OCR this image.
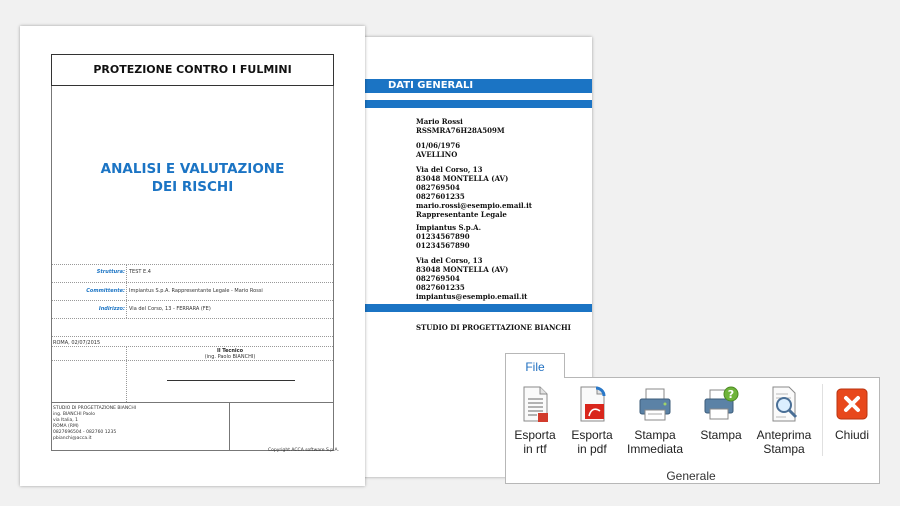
DATI GENERALI
Mario Rossi
RSSMRA76H28A509M
01/06/1976
AVELLINO
Via del Corso, 13
83048 MONTELLA (AV)
082769504
0827601235
mario.rossi@esempio.email.it
Rappresentante Legale
Impiantus S.p.A.
01234567890
01234567890
Via del Corso, 13
83048 MONTELLA (AV)
082769504
0827601235
impiantus@esempio.email.it
STUDIO DI PROGETTAZIONE BIANCHI
PROTEZIONE CONTRO I FULMINI
ANALISI E VALUTAZIONE
DEI RISCHI
Struttura: TEST E.4
Committente: Impiantus S.p.A. Rappresentante Legale - Mario Rossi
Indirizzo: Via del Corso, 13 - FERRARA (FE)
ROMA, 02/07/2015
Il Tecnico
(ing. Paolo BIANCHI)
STUDIO DI PROGETTAZIONE BIANCHI
ing. BIANCHI Paolo
via Italia, 1
ROMA (RM)
0827696504 - 082760 1235
pbianchi@acca.it
Copyright ACCA software S.p.A.
File
Esporta
in rtf
Esporta
in pdf
Stampa
Immediata
?
Stampa	Anteprima
Stampa
Chiudi
Generale
